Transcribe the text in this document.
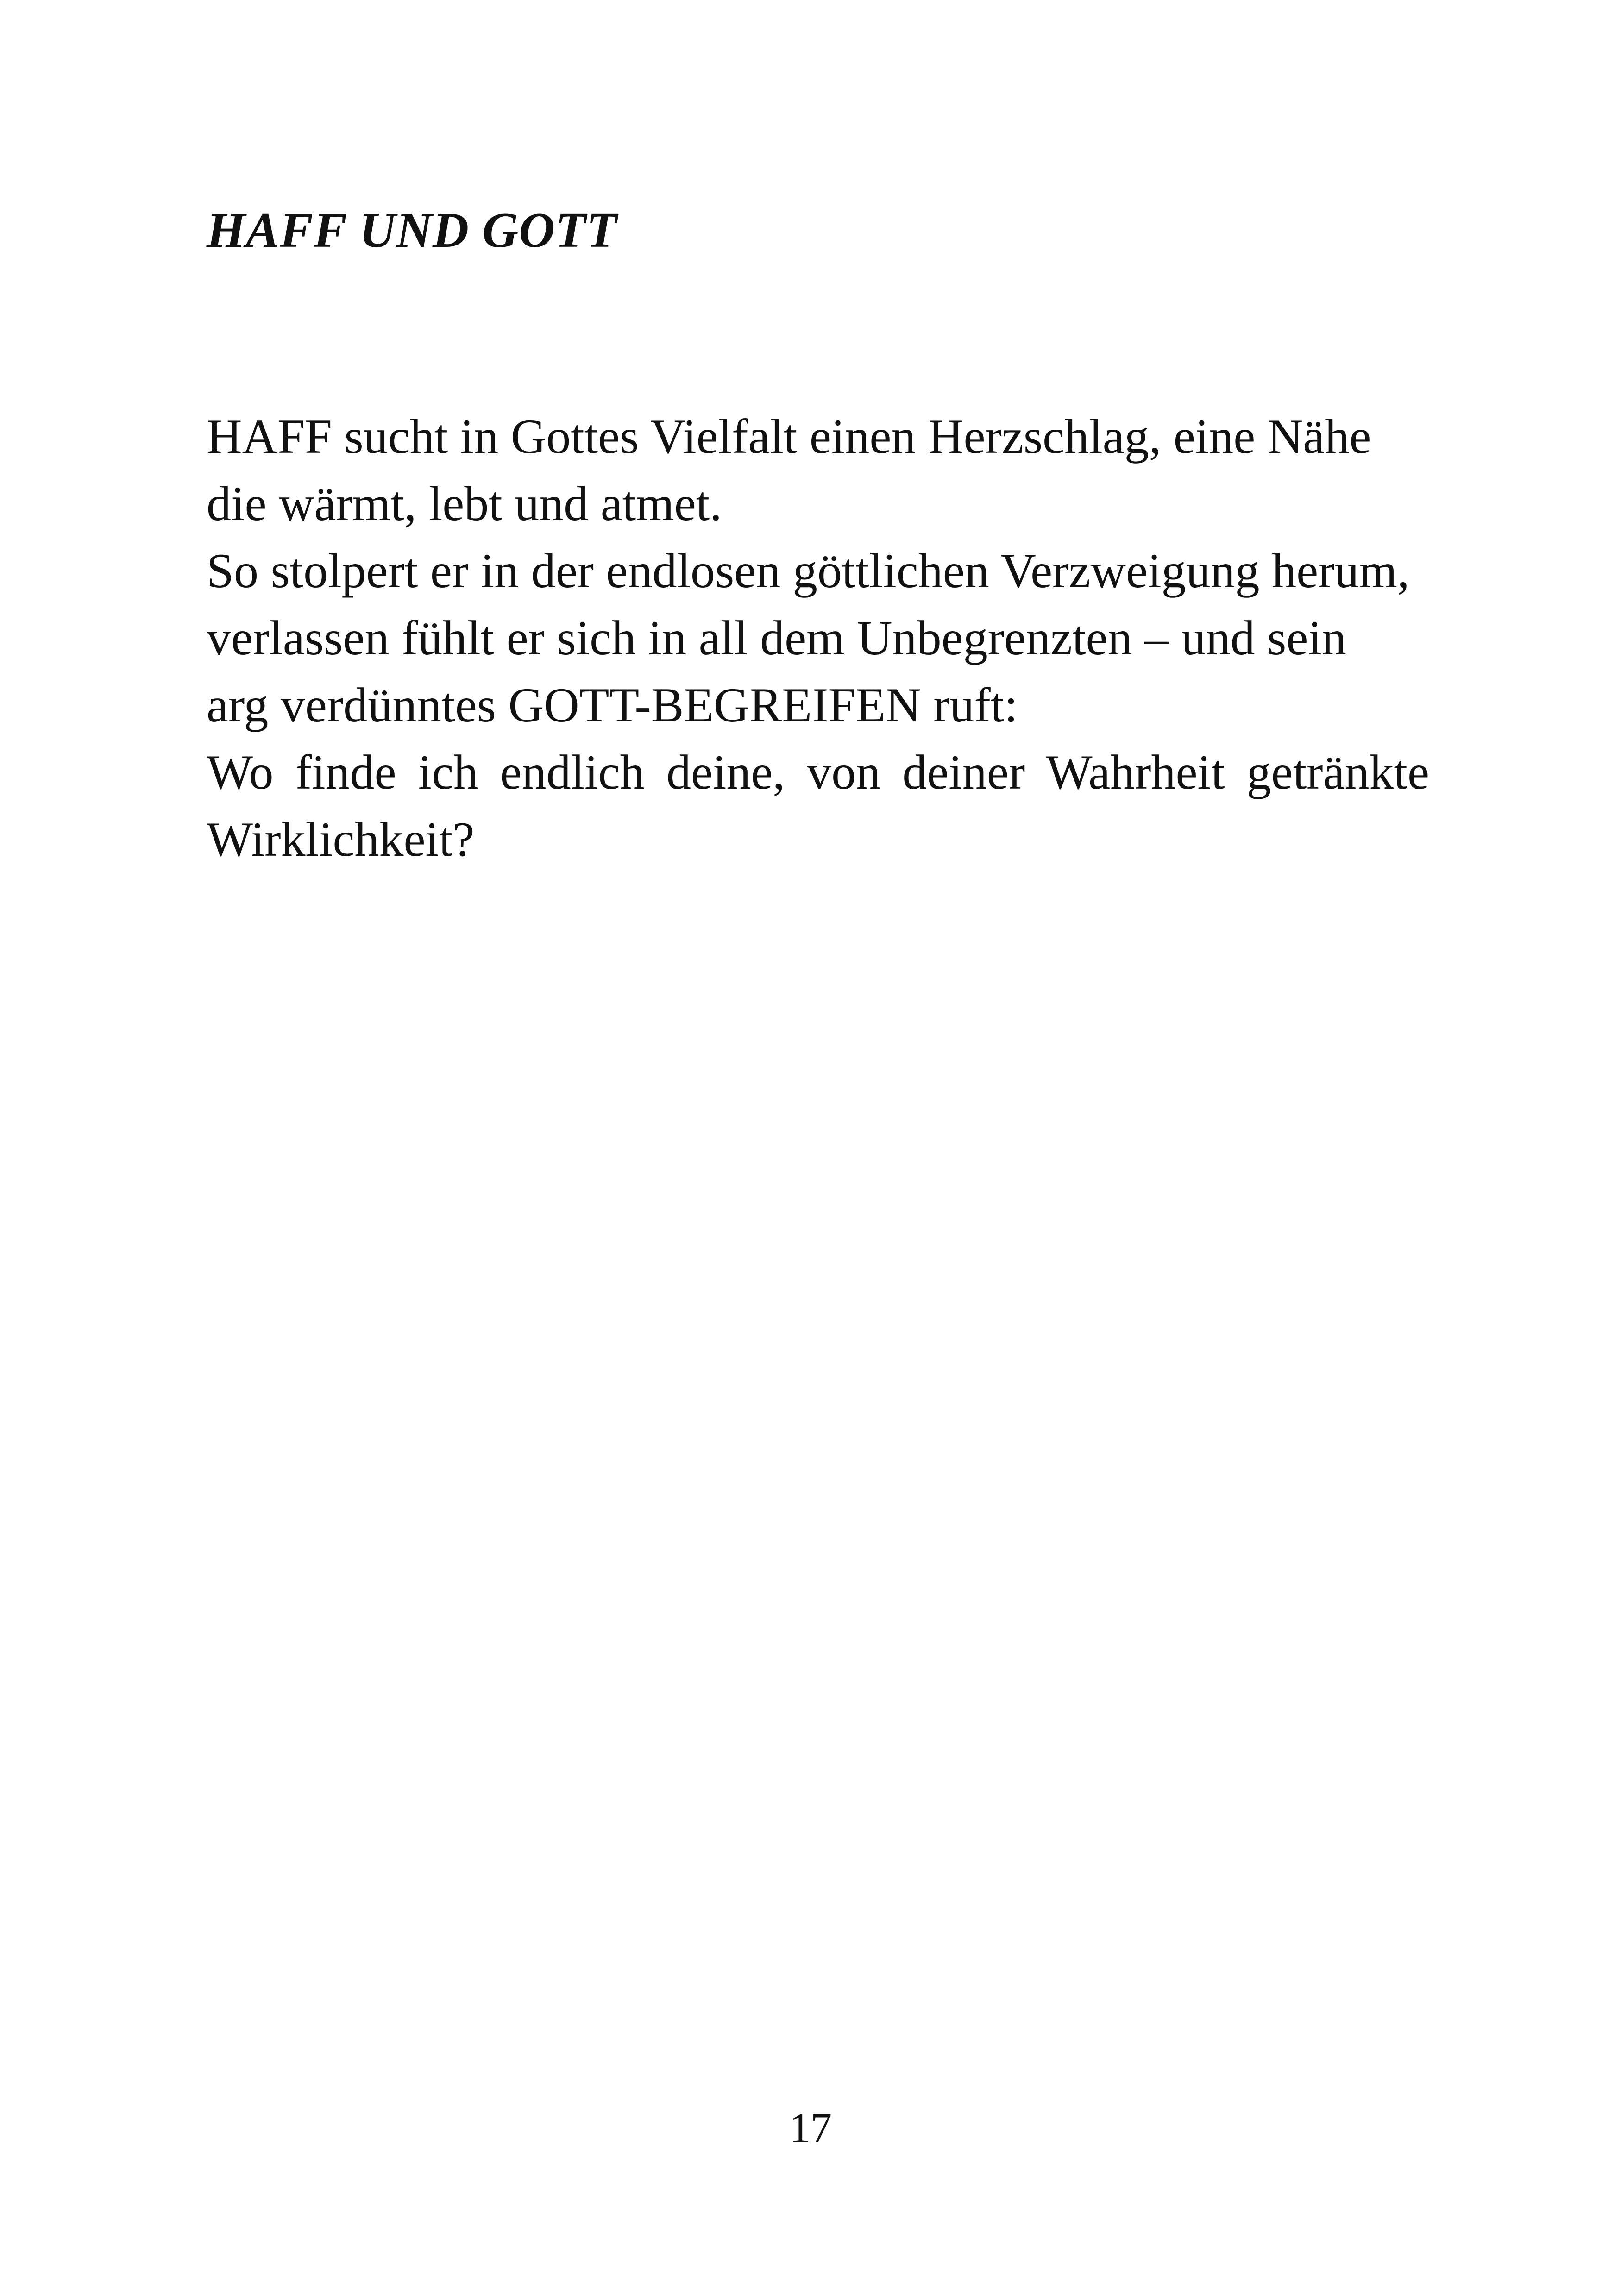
HAFF UND GOTT
HAFF sucht in Gottes Vielfalt einen Herzschlag, eine Nähe
die wärmt, lebt und atmet.
So stolpert er in der endlosen göttlichen Verzweigung herum,
verlassen fühlt er sich in all dem Unbegrenzten – und sein
arg verdünntes GOTT-BEGREIFEN ruft:
Wo finde ich endlich deine, von deiner Wahrheit getränkte
Wirklichkeit?

17
